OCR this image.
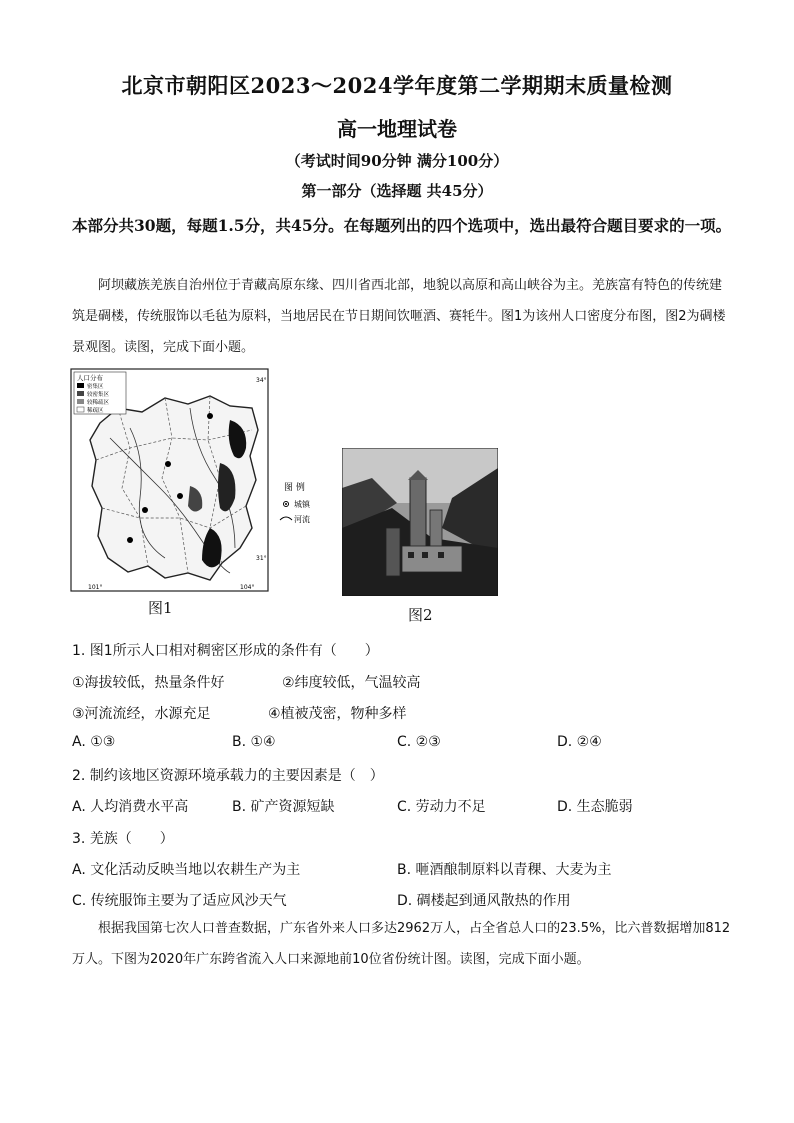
北京市朝阳区2023～2024学年度第二学期期末质量检测
高一地理试卷
（考试时间90分钟 满分100分）
第一部分（选择题 共45分）
本部分共30题，每题1.5分，共45分。在每题列出的四个选项中，选出最符合题目要求的一项。
阿坝藏族羌族自治州位于青藏高原东缘、四川省西北部，地貌以高原和高山峡谷为主。羌族富有特色的传统建筑是碉楼，传统服饰以毛毡为原料，当地居民在节日期间饮咂酒、赛牦牛。图1为该州人口密度分布图，图2为碉楼景观图。读图，完成下面小题。
人口分布
密集区
较密集区
较稀疏区
稀疏区
34°
31°
101°	104°
图 例
城镇
河流
图1	图2
1. 图1所示人口相对稠密区形成的条件有（　　）
①海拔较低，热量条件好	②纬度较低，气温较高
③河流流经，水源充足	④植被茂密，物种多样
A. ①③	B. ①④	C. ②③	D. ②④
2. 制约该地区资源环境承载力的主要因素是（　）
A. 人均消费水平高	B. 矿产资源短缺	C. 劳动力不足	D. 生态脆弱
3. 羌族（　　）
A. 文化活动反映当地以农耕生产为主	B. 咂酒酿制原料以青稞、大麦为主
C. 传统服饰主要为了适应风沙天气	D. 碉楼起到通风散热的作用
根据我国第七次人口普查数据，广东省外来人口多达2962万人，占全省总人口的23.5%，比六普数据增加812万人。下图为2020年广东跨省流入人口来源地前10位省份统计图。读图，完成下面小题。
